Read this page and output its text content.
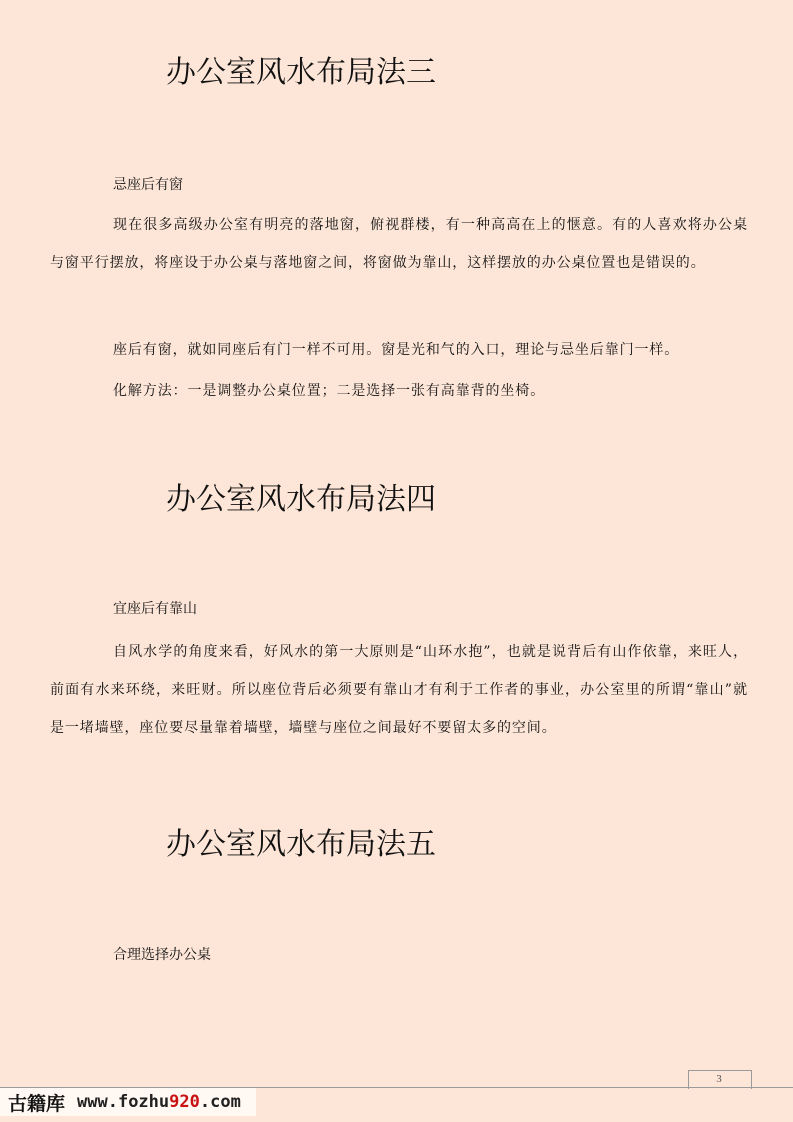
办公室风水布局法三

忌座后有窗

现在很多高级办公室有明亮的落地窗，俯视群楼，有一种高高在上的惬意。有的人喜欢将办公桌与窗平行摆放，将座设于办公桌与落地窗之间，将窗做为靠山，这样摆放的办公桌位置也是错误的。

座后有窗，就如同座后有门一样不可用。窗是光和气的入口，理论与忌坐后靠门一样。

化解方法：一是调整办公桌位置；二是选择一张有高靠背的坐椅。

办公室风水布局法四

宜座后有靠山

自风水学的角度来看，好风水的第一大原则是“山环水抱”，也就是说背后有山作依靠，来旺人，前面有水来环绕，来旺财。所以座位背后必须要有靠山才有利于工作者的事业，办公室里的所谓“靠山”就是一堵墙壁，座位要尽量靠着墙壁，墙壁与座位之间最好不要留太多的空间。

办公室风水布局法五

合理选择办公桌

3
古籍库 www.fozhu920.com
